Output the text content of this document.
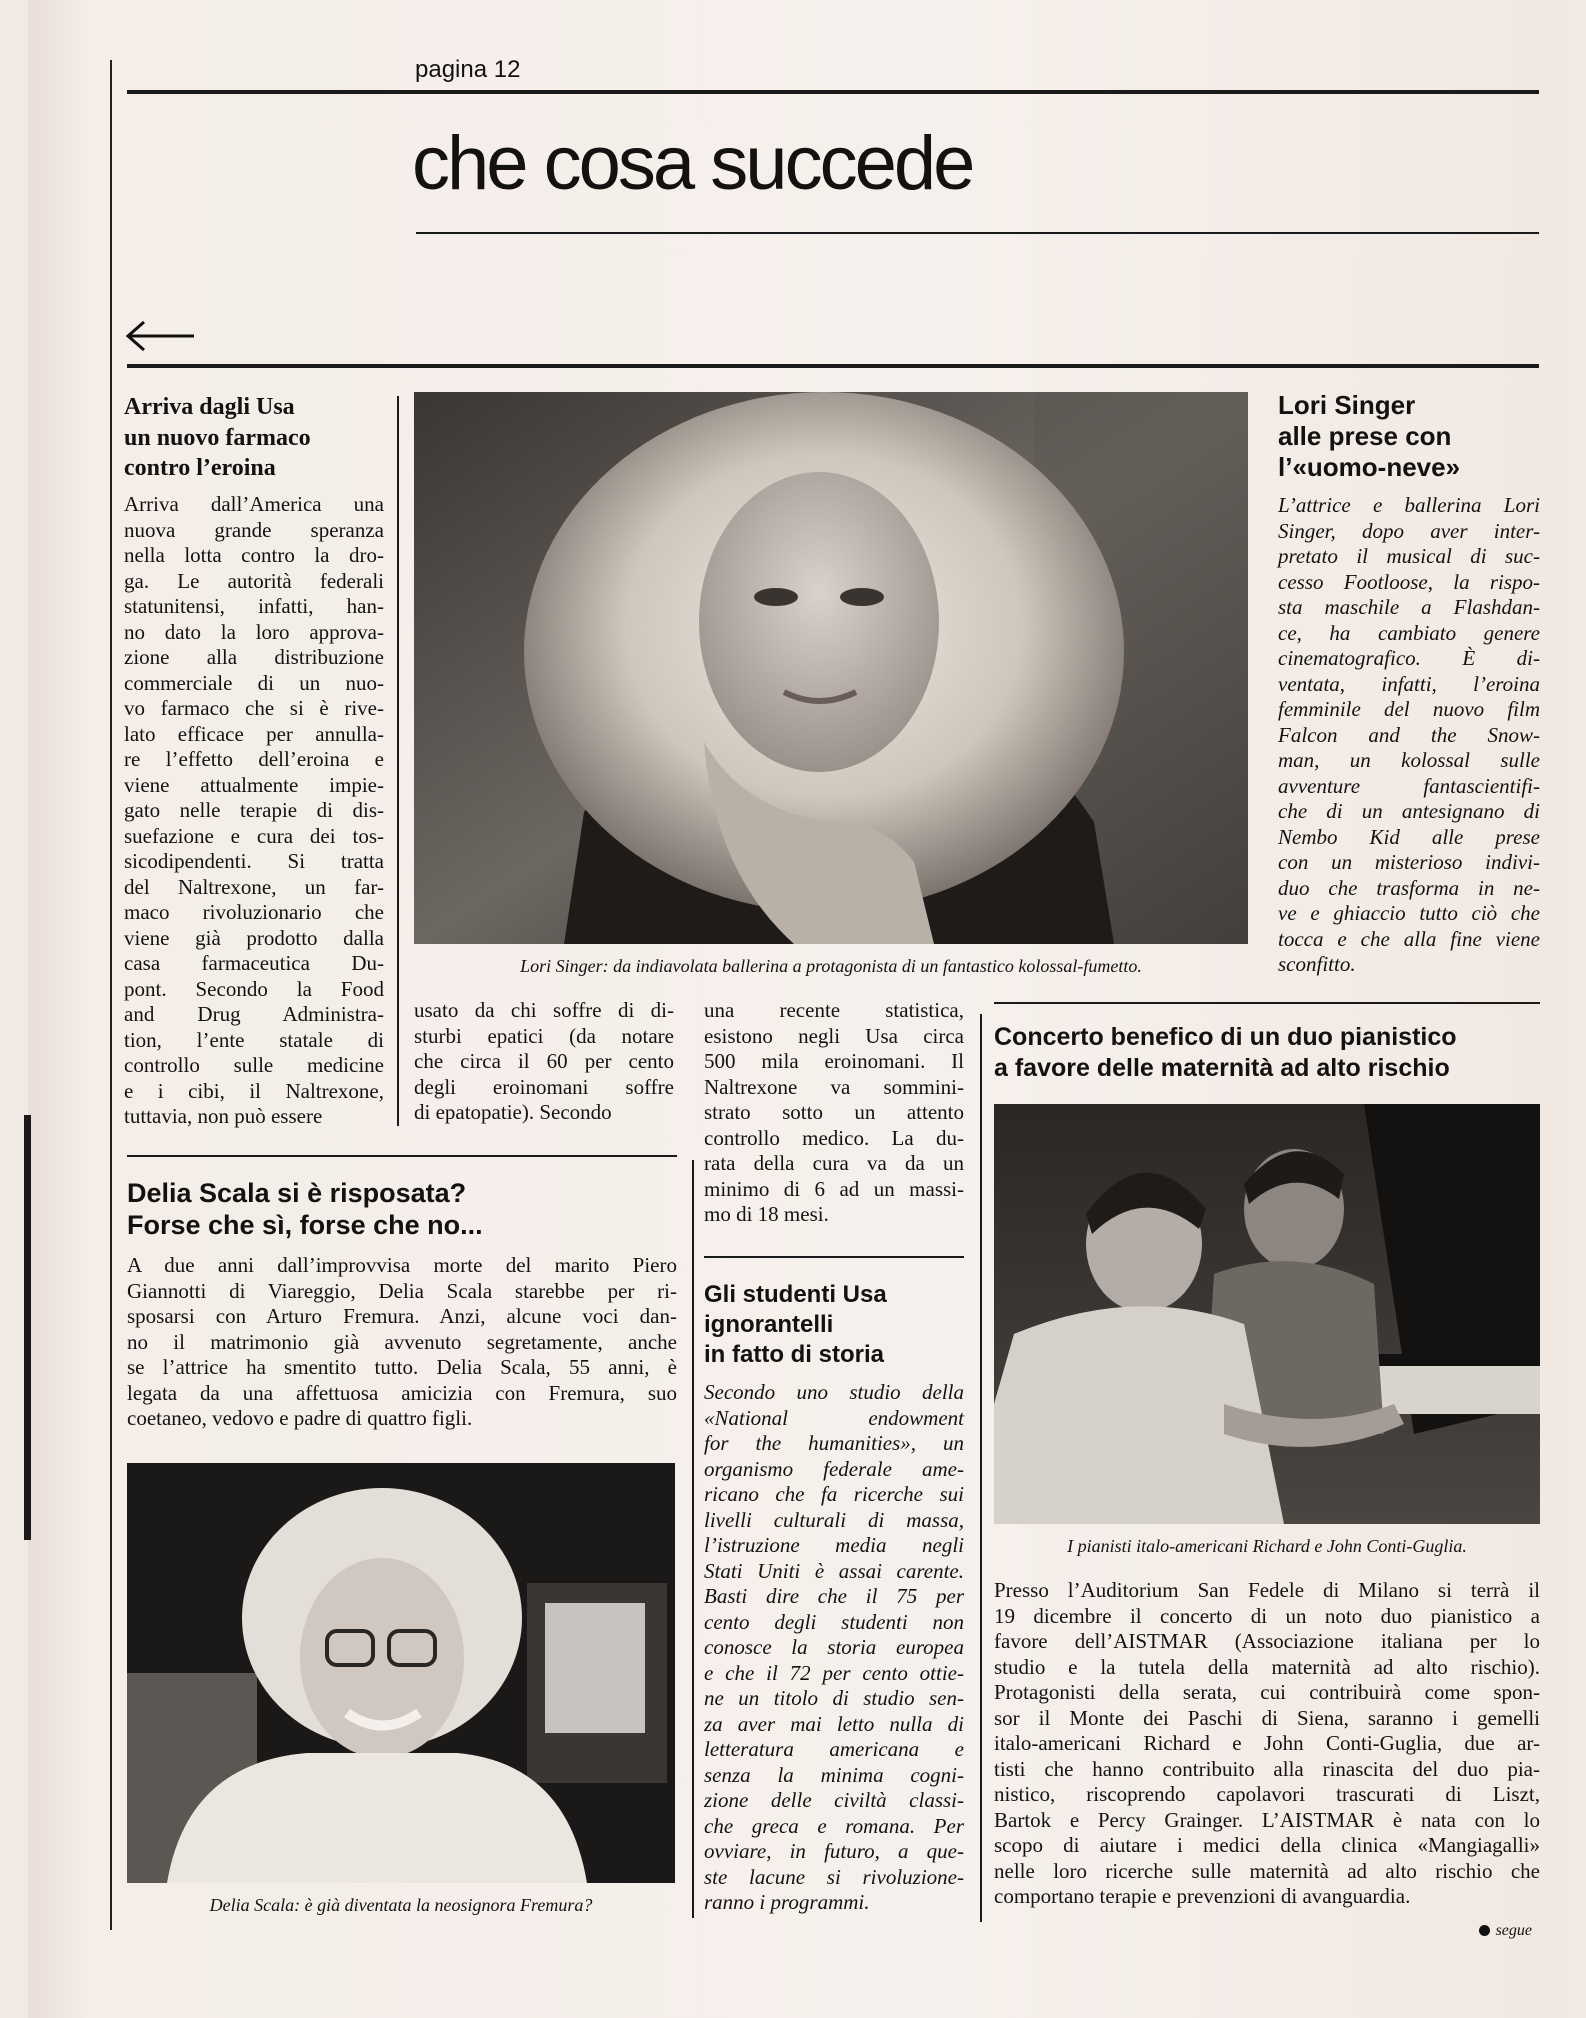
pagina 12
che cosa succede
Arriva dagli Usa
un nuovo farmaco
contro l’eroina
Arriva dall’America una
nuova grande speranza
nella lotta contro la dro-
ga. Le autorità federali
statunitensi, infatti, han-
no dato la loro approva-
zione alla distribuzione
commerciale di un nuo-
vo farmaco che si è rive-
lato efficace per annulla-
re l’effetto dell’eroina e
viene attualmente impie-
gato nelle terapie di dis-
suefazione e cura dei tos-
sicodipendenti. Si tratta
del Naltrexone, un far-
maco rivoluzionario che
viene già prodotto dalla
casa farmaceutica Du-
pont. Secondo la Food
and Drug Administra-
tion, l’ente statale di
controllo sulle medicine
e i cibi, il Naltrexone,
tuttavia, non può essere
Lori Singer: da indiavolata ballerina a protagonista di un fantastico kolossal-fumetto.
Lori Singer
alle prese con
l’«uomo-neve»
L’attrice e ballerina Lori
Singer, dopo aver inter-
pretato il musical di suc-
cesso Footloose, la rispo-
sta maschile a Flashdan-
ce, ha cambiato genere
cinematografico. È di-
ventata, infatti, l’eroina
femminile del nuovo film
Falcon and the Snow-
man, un kolossal sulle
avventure fantascientifi-
che di un antesignano di
Nembo Kid alle prese
con un misterioso indivi-
duo che trasforma in ne-
ve e ghiaccio tutto ciò che
tocca e che alla fine viene
sconfitto.
usato da chi soffre di di-
sturbi epatici (da notare
che circa il 60 per cento
degli eroinomani soffre
di epatopatie). Secondo
una recente statistica,
esistono negli Usa circa
500 mila eroinomani. Il
Naltrexone va sommini-
strato sotto un attento
controllo medico. La du-
rata della cura va da un
minimo di 6 ad un massi-
mo di 18 mesi.
Concerto benefico di un duo pianistico
a favore delle maternità ad alto rischio
I pianisti italo-americani Richard e John Conti-Guglia.
Presso l’Auditorium San Fedele di Milano si terrà il
19 dicembre il concerto di un noto duo pianistico a
favore dell’AISTMAR (Associazione italiana per lo
studio e la tutela della maternità ad alto rischio).
Protagonisti della serata, cui contribuirà come spon-
sor il Monte dei Paschi di Siena, saranno i gemelli
italo-americani Richard e John Conti-Guglia, due ar-
tisti che hanno contribuito alla rinascita del duo pia-
nistico, riscoprendo capolavori trascurati di Liszt,
Bartok e Percy Grainger. L’AISTMAR è nata con lo
scopo di aiutare i medici della clinica «Mangiagalli»
nelle loro ricerche sulle maternità ad alto rischio che
comportano terapie e prevenzioni di avanguardia.
Delia Scala si è risposata?
Forse che sì, forse che no...
A due anni dall’improvvisa morte del marito Piero
Giannotti di Viareggio, Delia Scala starebbe per ri-
sposarsi con Arturo Fremura. Anzi, alcune voci dan-
no il matrimonio già avvenuto segretamente, anche
se l’attrice ha smentito tutto. Delia Scala, 55 anni, è
legata da una affettuosa amicizia con Fremura, suo
coetaneo, vedovo e padre di quattro figli.
Delia Scala: è già diventata la neosignora Fremura?
Gli studenti Usa
ignorantelli
in fatto di storia
Secondo uno studio della
«National endowment
for the humanities», un
organismo federale ame-
ricano che fa ricerche sui
livelli culturali di massa,
l’istruzione media negli
Stati Uniti è assai carente.
Basti dire che il 75 per
cento degli studenti non
conosce la storia europea
e che il 72 per cento ottie-
ne un titolo di studio sen-
za aver mai letto nulla di
letteratura americana e
senza la minima cogni-
zione delle civiltà classi-
che greca e romana. Per
ovviare, in futuro, a que-
ste lacune si rivoluzione-
ranno i programmi.
segue
